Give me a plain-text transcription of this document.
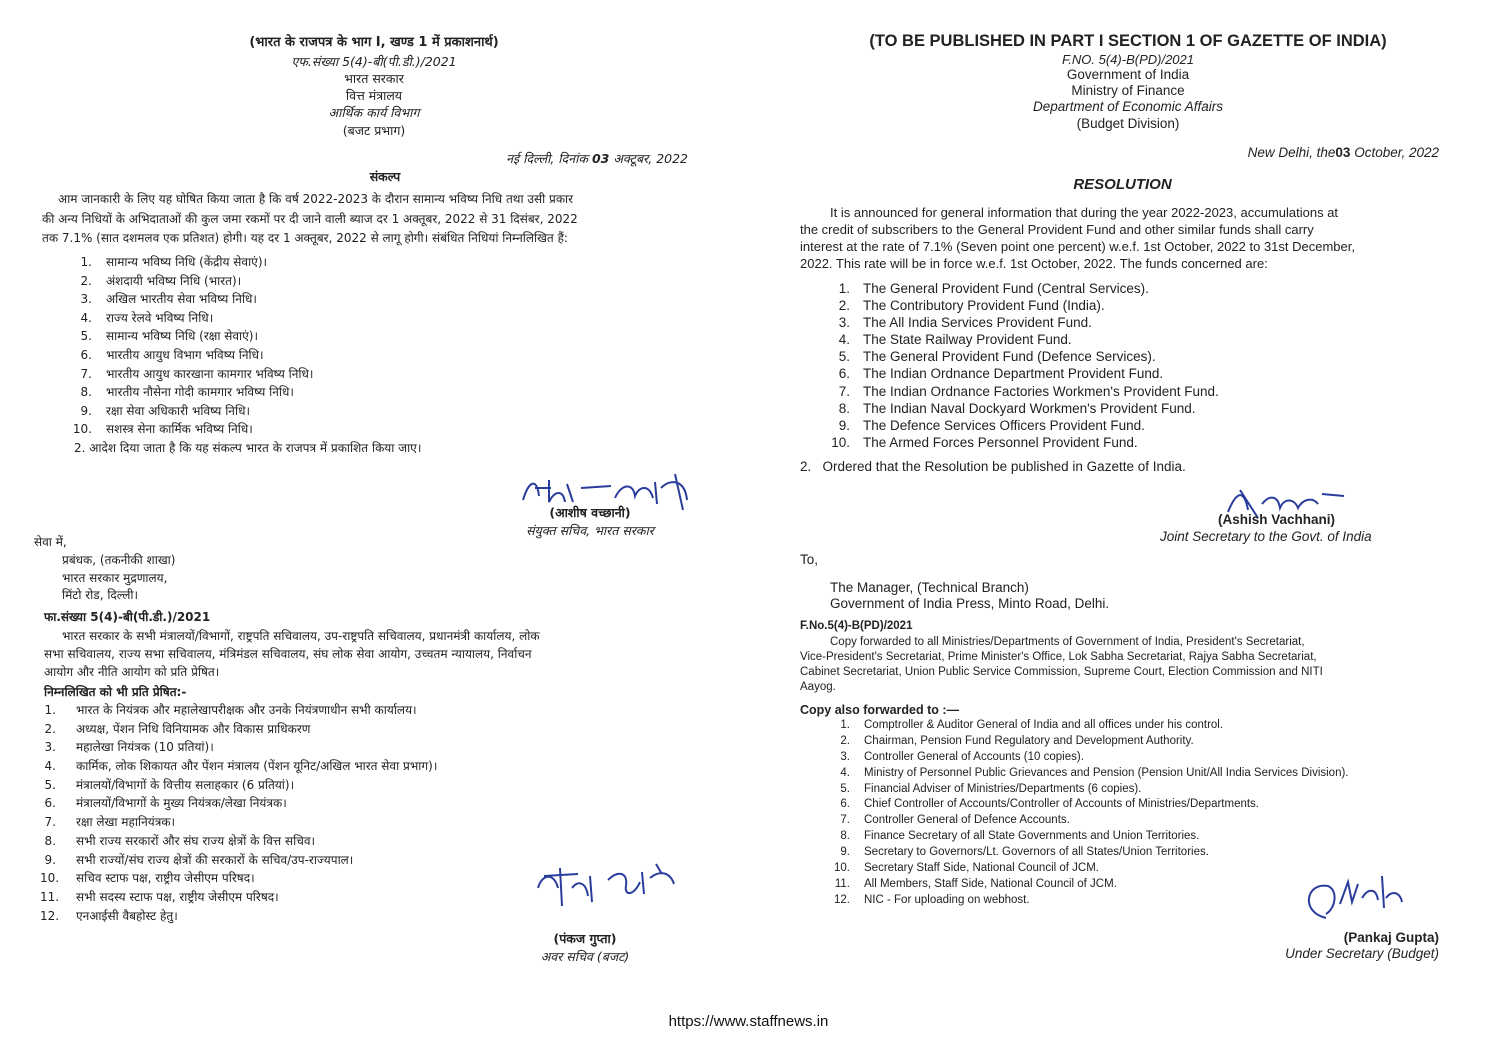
(भारत के राजपत्र के भाग I, खण्ड 1 में प्रकाशनार्थ)

एफ.संख्या 5(4)-बी(पी.डी.)/2021

भारत सरकार

वित्त मंत्रालय

आर्थिक कार्य विभाग

(बजट प्रभाग)

नई दिल्ली, दिनांक 03 अक्टूबर, 2022

संकल्प

आम जानकारी के लिए यह घोषित किया जाता है कि वर्ष 2022-2023 के दौरान सामान्य भविष्य निधि तथा उसी प्रकार

की अन्य निधियों के अभिदाताओं की कुल जमा रकमों पर दी जाने वाली ब्याज दर 1 अक्तूबर, 2022 से 31 दिसंबर, 2022

तक 7.1% (सात दशमलव एक प्रतिशत) होगी। यह दर 1 अक्तूबर, 2022 से लागू होगी। संबंधित निधियां निम्नलिखित हैं:

1. सामान्य भविष्य निधि (केंद्रीय सेवाएं)।
2. अंशदायी भविष्य निधि (भारत)।
3. अखिल भारतीय सेवा भविष्य निधि।
4. राज्य रेलवे भविष्य निधि।
5. सामान्य भविष्य निधि (रक्षा सेवाएं)।
6. भारतीय आयुध विभाग भविष्य निधि।
7. भारतीय आयुध कारखाना कामगार भविष्य निधि।
8. भारतीय नौसेना गोदी कामगार भविष्य निधि।
9. रक्षा सेवा अधिकारी भविष्य निधि।
10. सशस्त्र सेना कार्मिक भविष्य निधि।

2. आदेश दिया जाता है कि यह संकल्प भारत के राजपत्र में प्रकाशित किया जाए।

(आशीष वच्छानी)

संयुक्त सचिव, भारत सरकार

सेवा में,

प्रबंधक, (तकनीकी शाखा)

भारत सरकार मुद्रणालय,

मिंटो रोड, दिल्ली।

फा.संख्या 5(4)-बी(पी.डी.)/2021

भारत सरकार के सभी मंत्रालयों/विभागों, राष्ट्रपति सचिवालय, उप-राष्ट्रपति सचिवालय, प्रधानमंत्री कार्यालय, लोक

सभा सचिवालय, राज्य सभा सचिवालय, मंत्रिमंडल सचिवालय, संघ लोक सेवा आयोग, उच्चतम न्यायालय, निर्वाचन

आयोग और नीति आयोग को प्रति प्रेषित।

निम्नलिखित को भी प्रति प्रेषित:-

1. भारत के नियंत्रक और महालेखापरीक्षक और उनके नियंत्रणाधीन सभी कार्यालय।
2. अध्यक्ष, पेंशन निधि विनियामक और विकास प्राधिकरण
3. महालेखा नियंत्रक (10 प्रतियां)।
4. कार्मिक, लोक शिकायत और पेंशन मंत्रालय (पेंशन यूनिट/अखिल भारत सेवा प्रभाग)।
5. मंत्रालयों/विभागों के वित्तीय सलाहकार (6 प्रतियां)।
6. मंत्रालयों/विभागों के मुख्य नियंत्रक/लेखा नियंत्रक।
7. रक्षा लेखा महानियंत्रक।
8. सभी राज्य सरकारों और संघ राज्य क्षेत्रों के वित्त सचिव।
9. सभी राज्यों/संघ राज्य क्षेत्रों की सरकारों के सचिव/उप-राज्यपाल।
10. सचिव स्टाफ पक्ष, राष्ट्रीय जेसीएम परिषद।
11. सभी सदस्य स्टाफ पक्ष, राष्ट्रीय जेसीएम परिषद।
12. एनआईसी वैबहोस्ट हेतु।

(पंकज गुप्ता)

अवर सचिव (बजट)

(TO BE PUBLISHED IN PART I SECTION 1 OF GAZETTE OF INDIA)

F.NO. 5(4)-B(PD)/2021

Government of India

Ministry of Finance

Department of Economic Affairs

(Budget Division)

New Delhi, the03 October, 2022

RESOLUTION

It is announced for general information that during the year 2022-2023, accumulations at

the credit of subscribers to the General Provident Fund and other similar funds shall carry

interest at the rate of 7.1% (Seven point one percent) w.e.f. 1st October, 2022 to 31st December,

2022. This rate will be in force w.e.f. 1st October, 2022. The funds concerned are:

1. The General Provident Fund (Central Services).
2. The Contributory Provident Fund (India).
3. The All India Services Provident Fund.
4. The State Railway Provident Fund.
5. The General Provident Fund (Defence Services).
6. The Indian Ordnance Department Provident Fund.
7. The Indian Ordnance Factories Workmen's Provident Fund.
8. The Indian Naval Dockyard Workmen's Provident Fund.
9. The Defence Services Officers Provident Fund.
10. The Armed Forces Personnel Provident Fund.

2.   Ordered that the Resolution be published in Gazette of India.

(Ashish Vachhani)

Joint Secretary to the Govt. of India

To,

The Manager, (Technical Branch)

Government of India Press, Minto Road, Delhi.

F.No.5(4)-B(PD)/2021

Copy forwarded to all Ministries/Departments of Government of India, President's Secretariat,

Vice-President's Secretariat, Prime Minister's Office, Lok Sabha Secretariat, Rajya Sabha Secretariat,

Cabinet Secretariat, Union Public Service Commission, Supreme Court, Election Commission and NITI

Aayog.

Copy also forwarded to :—

1. Comptroller & Auditor General of India and all offices under his control.
2. Chairman, Pension Fund Regulatory and Development Authority.
3. Controller General of Accounts (10 copies).
4. Ministry of Personnel Public Grievances and Pension (Pension Unit/All India Services Division).
5. Financial Adviser of Ministries/Departments (6 copies).
6. Chief Controller of Accounts/Controller of Accounts of Ministries/Departments.
7. Controller General of Defence Accounts.
8. Finance Secretary of all State Governments and Union Territories.
9. Secretary to Governors/Lt. Governors of all States/Union Territories.
10. Secretary Staff Side, National Council of JCM.
11. All Members, Staff Side, National Council of JCM.
12. NIC - For uploading on webhost.

(Pankaj Gupta)

Under Secretary (Budget)

https://www.staffnews.in
